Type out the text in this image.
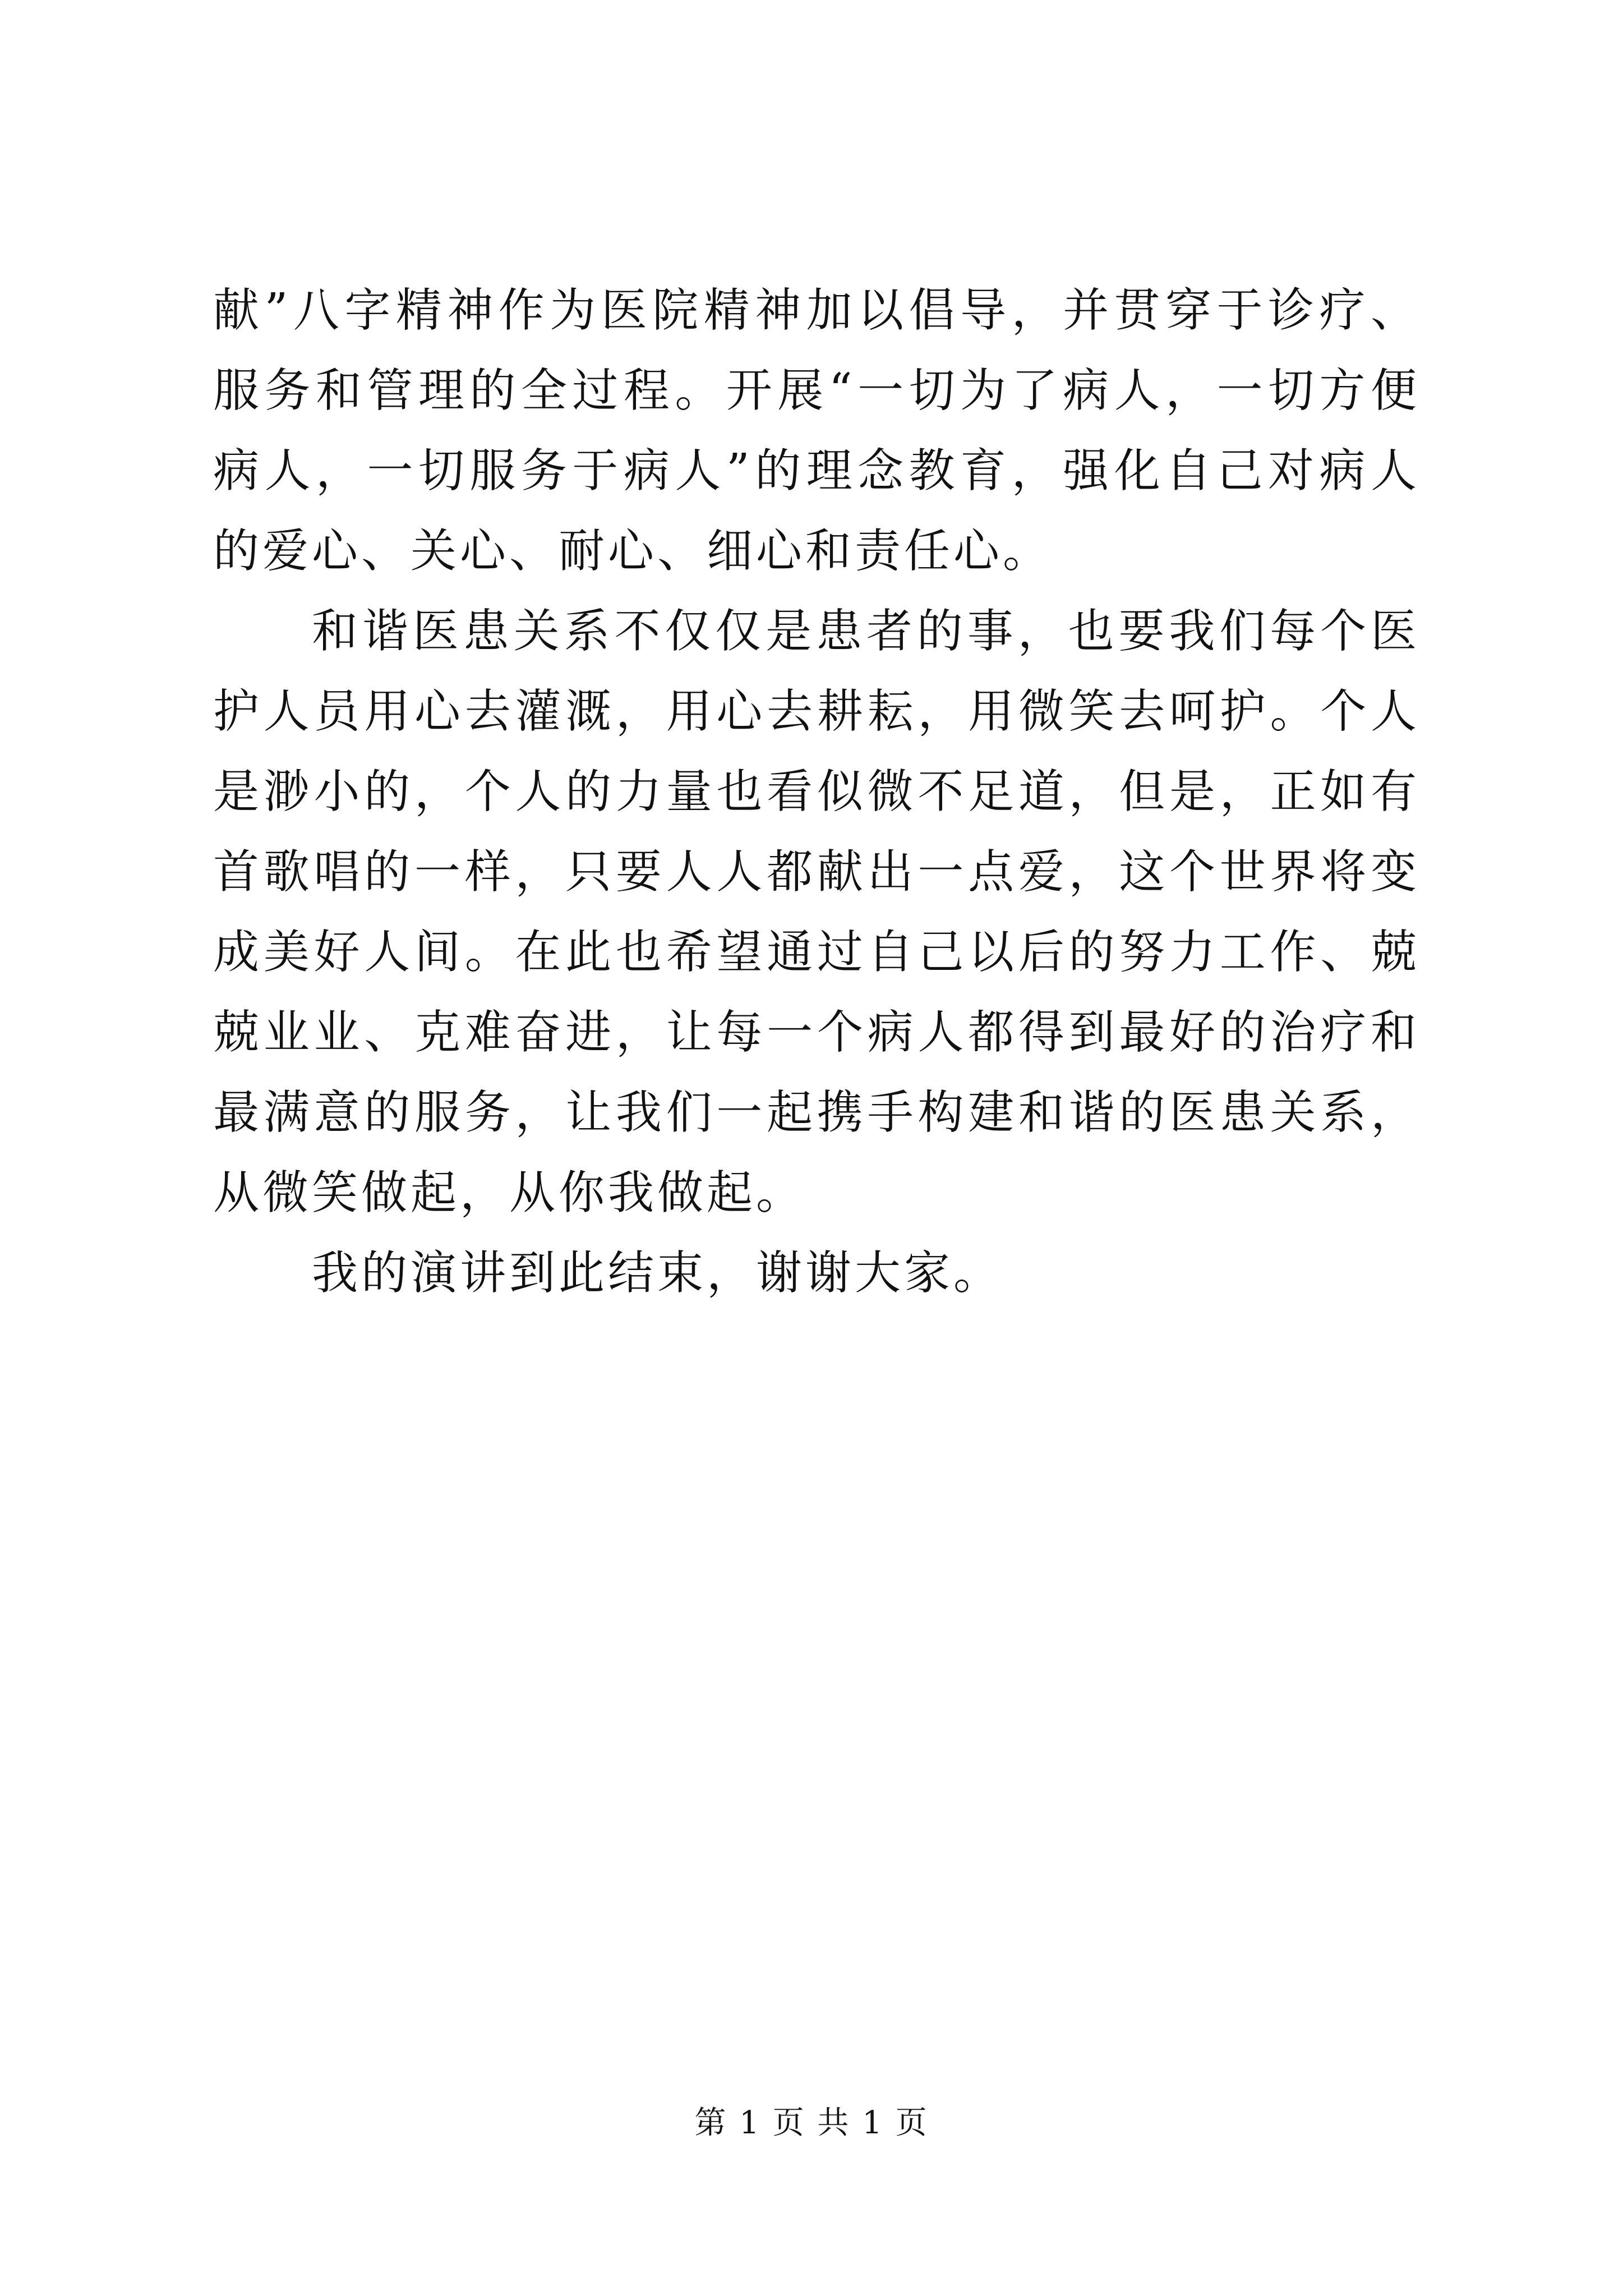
献”八字精神作为医院精神加以倡导，并贯穿于诊疗、服务和管理的全过程。开展“一切为了病人，一切方便病人，一切服务于病人”的理念教育，强化自己对病人的爱心、关心、耐心、细心和责任心。

和谐医患关系不仅仅是患者的事，也要我们每个医护人员用心去灌溉，用心去耕耘，用微笑去呵护。个人是渺小的，个人的力量也看似微不足道，但是，正如有首歌唱的一样，只要人人都献出一点爱，这个世界将变成美好人间。在此也希望通过自己以后的努力工作、兢兢业业、克难奋进，让每一个病人都得到最好的治疗和最满意的服务，让我们一起携手构建和谐的医患关系，从微笑做起，从你我做起。

我的演讲到此结束，谢谢大家。

第 1 页 共 1 页
